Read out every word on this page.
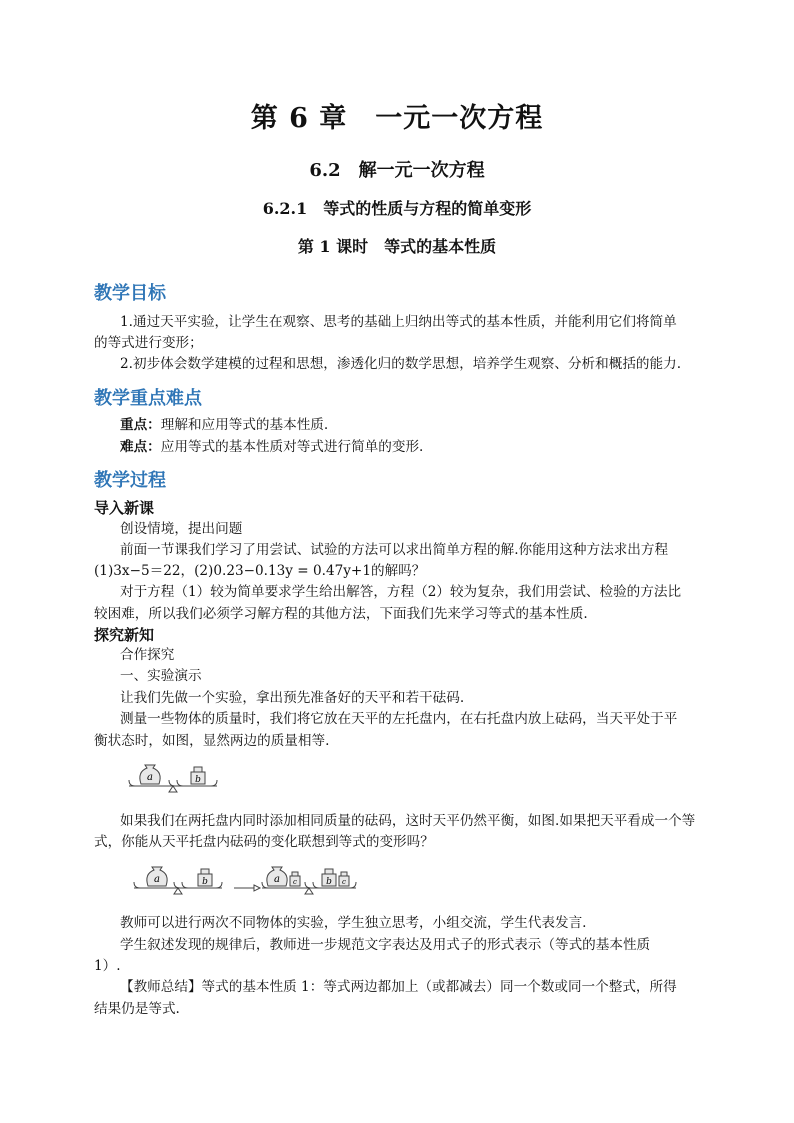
第 6 章　一元一次方程
6.2　解一元一次方程
6.2.1　等式的性质与方程的简单变形
第 1 课时　等式的基本性质
教学目标
1.通过天平实验，让学生在观察、思考的基础上归纳出等式的基本性质，并能利用它们将简单
的等式进行变形；
2.初步体会数学建模的过程和思想，渗透化归的数学思想，培养学生观察、分析和概括的能力.
教学重点难点
重点：理解和应用等式的基本性质.
难点：应用等式的基本性质对等式进行简单的变形.
教学过程
导入新课
创设情境，提出问题
前面一节课我们学习了用尝试、试验的方法可以求出简单方程的解.你能用这种方法求出方程
(1)3x−5＝22，(2)0.23−0.13y = 0.47y+1的解吗？
对于方程（1）较为简单要求学生给出解答，方程（2）较为复杂，我们用尝试、检验的方法比
较困难，所以我们必须学习解方程的其他方法，下面我们先来学习等式的基本性质.
探究新知
合作探究
一、实验演示
让我们先做一个实验，拿出预先准备好的天平和若干砝码.
测量一些物体的质量时，我们将它放在天平的左托盘内，在右托盘内放上砝码，当天平处于平
衡状态时，如图，显然两边的质量相等.
a	b
如果我们在两托盘内同时添加相同质量的砝码，这时天平仍然平衡，如图.如果把天平看成一个等
式，你能从天平托盘内砝码的变化联想到等式的变形吗？
a	b	a c	b c
教师可以进行两次不同物体的实验，学生独立思考，小组交流，学生代表发言.
学生叙述发现的规律后，教师进一步规范文字表达及用式子的形式表示（等式的基本性质
1）.
【教师总结】等式的基本性质 1：等式两边都加上（或都减去）同一个数或同一个整式，所得
结果仍是等式.
